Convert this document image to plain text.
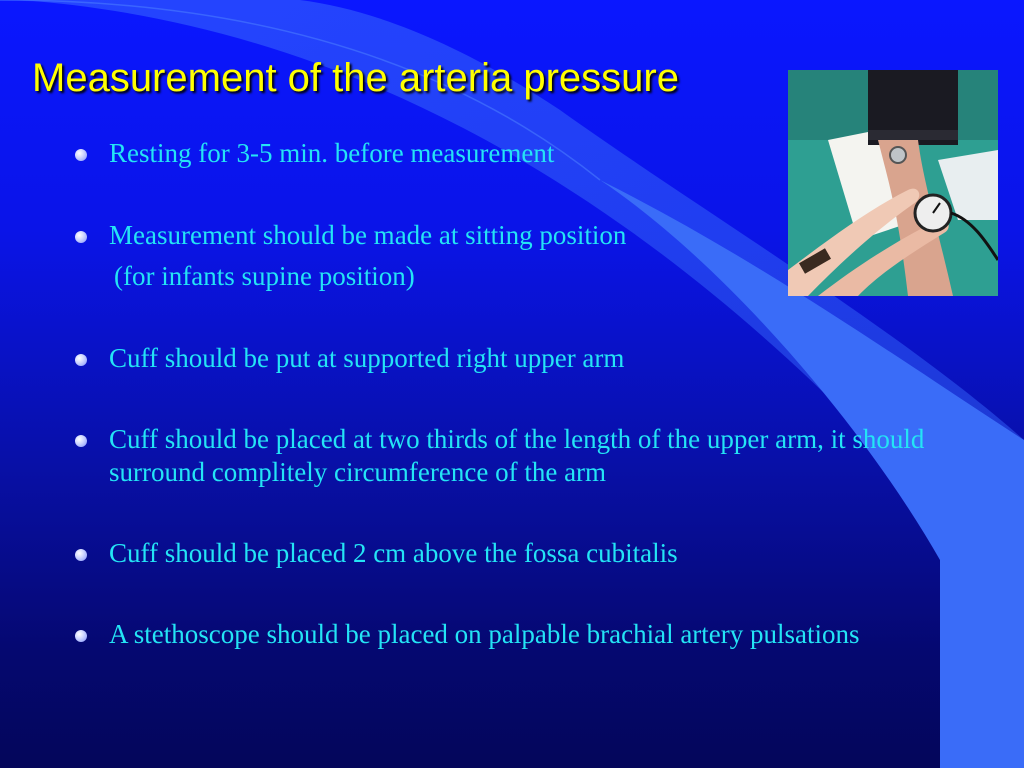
Measurement of the arteria pressure
Resting for 3-5 min. before measurement
Measurement should be made at sitting position
(for infants supine position)
Cuff should be put at supported right upper arm
Cuff should be placed at two thirds of the length of the upper arm, it should surround complitely circumference of the arm
Cuff should be placed 2 cm above the fossa cubitalis
A stethoscope should be placed on palpable brachial artery pulsations
